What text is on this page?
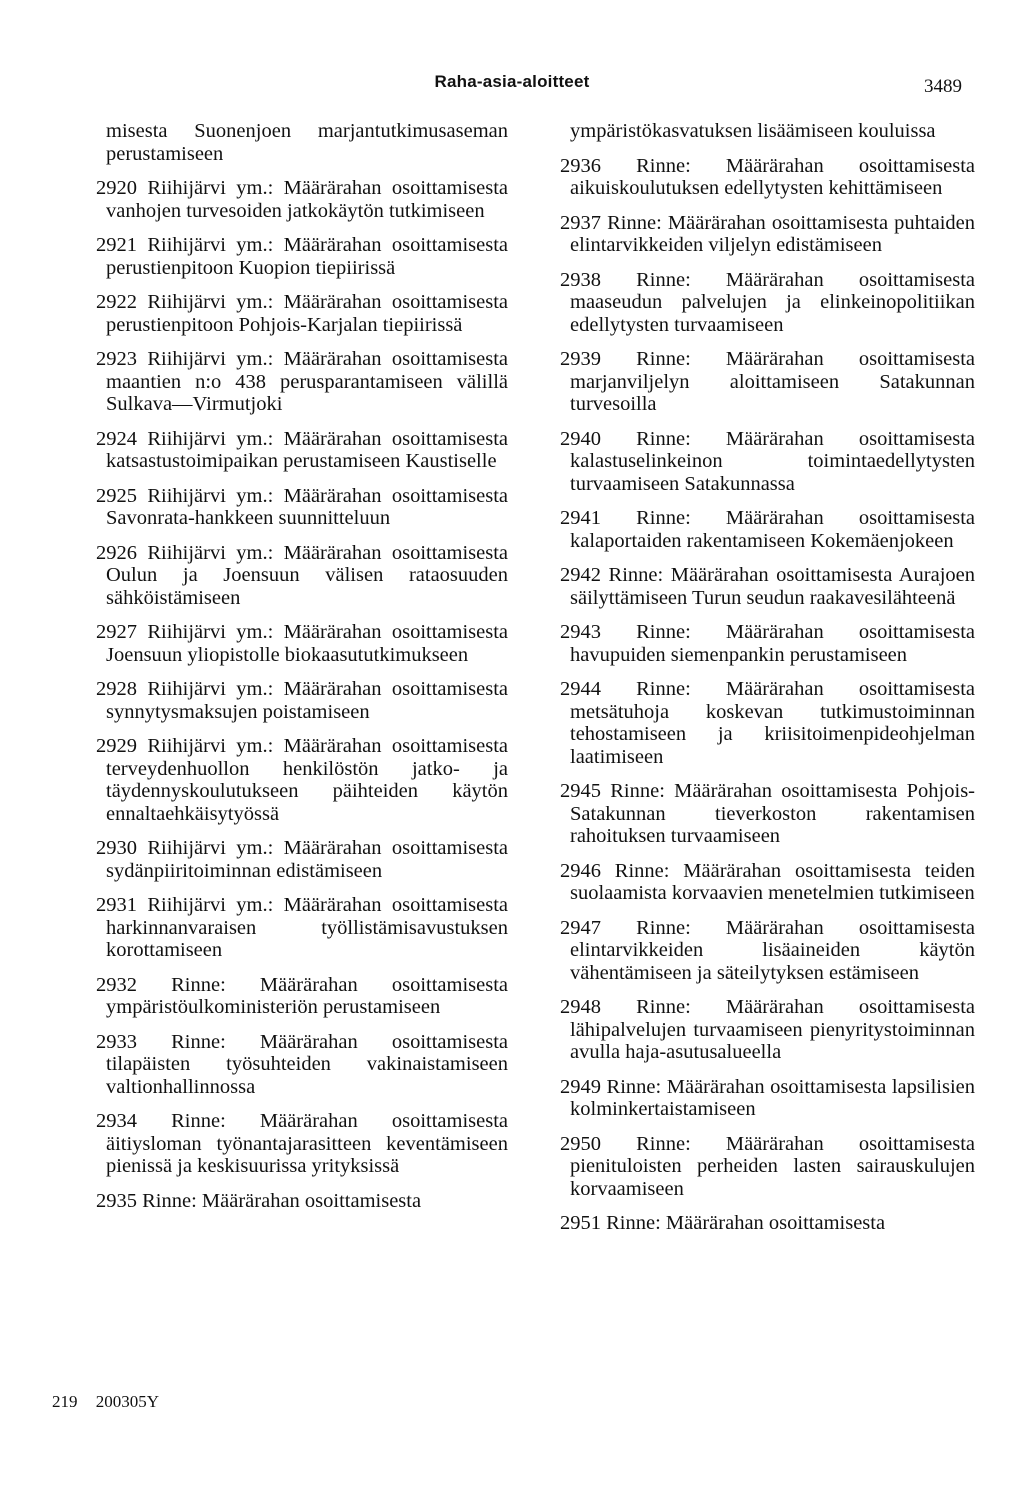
Raha-asia-aloitteet	3489

misesta Suonenjoen marjantutkimusaseman perustamiseen

2920 Riihijärvi ym.: Määrärahan osoittamisesta vanhojen turvesoiden jatkokäytön tutkimiseen

2921 Riihijärvi ym.: Määrärahan osoittamisesta perustienpitoon Kuopion tiepiirissä

2922 Riihijärvi ym.: Määrärahan osoittamisesta perustienpitoon Pohjois-Karjalan tiepiirissä

2923 Riihijärvi ym.: Määrärahan osoittamisesta maantien n:o 438 perusparantamiseen välillä Sulkava—Virmutjoki

2924 Riihijärvi ym.: Määrärahan osoittamisesta katsastustoimipaikan perustamiseen Kaustiselle

2925 Riihijärvi ym.: Määrärahan osoittamisesta Savonrata-hankkeen suunnitteluun

2926 Riihijärvi ym.: Määrärahan osoittamisesta Oulun ja Joensuun välisen rataosuuden sähköistämiseen

2927 Riihijärvi ym.: Määrärahan osoittamisesta Joensuun yliopistolle biokaasututkimukseen

2928 Riihijärvi ym.: Määrärahan osoittamisesta synnytysmaksujen poistamiseen

2929 Riihijärvi ym.: Määrärahan osoittamisesta terveydenhuollon henkilöstön jatko- ja täydennyskoulutukseen päihteiden käytön ennaltaehkäisytyössä

2930 Riihijärvi ym.: Määrärahan osoittamisesta sydänpiiritoiminnan edistämiseen

2931 Riihijärvi ym.: Määrärahan osoittamisesta harkinnanvaraisen työllistämisavustuksen korottamiseen

2932 Rinne: Määrärahan osoittamisesta ympäristöulkoministeriön perustamiseen

2933 Rinne: Määrärahan osoittamisesta tilapäisten työsuhteiden vakinaistamiseen valtionhallinnossa

2934 Rinne: Määrärahan osoittamisesta äitiysloman työnantajarasitteen keventämiseen pienissä ja keskisuurissa yrityksissä

2935 Rinne: Määrärahan osoittamisesta

ympäristökasvatuksen lisäämiseen kouluissa

2936 Rinne: Määrärahan osoittamisesta aikuiskoulutuksen edellytysten kehittämiseen

2937 Rinne: Määrärahan osoittamisesta puhtaiden elintarvikkeiden viljelyn edistämiseen

2938 Rinne: Määrärahan osoittamisesta maaseudun palvelujen ja elinkeinopolitiikan edellytysten turvaamiseen

2939 Rinne: Määrärahan osoittamisesta marjanviljelyn aloittamiseen Satakunnan turvesoilla

2940 Rinne: Määrärahan osoittamisesta kalastuselinkeinon toimintaedellytysten turvaamiseen Satakunnassa

2941 Rinne: Määrärahan osoittamisesta kalaportaiden rakentamiseen Kokemäenjokeen

2942 Rinne: Määrärahan osoittamisesta Aurajoen säilyttämiseen Turun seudun raakavesilähteenä

2943 Rinne: Määrärahan osoittamisesta havupuiden siemenpankin perustamiseen

2944 Rinne: Määrärahan osoittamisesta metsätuhoja koskevan tutkimustoiminnan tehostamiseen ja kriisitoimenpideohjelman laatimiseen

2945 Rinne: Määrärahan osoittamisesta Pohjois-Satakunnan tieverkoston rakentamisen rahoituksen turvaamiseen

2946 Rinne: Määrärahan osoittamisesta teiden suolaamista korvaavien menetelmien tutkimiseen

2947 Rinne: Määrärahan osoittamisesta elintarvikkeiden lisäaineiden käytön vähentämiseen ja säteilytyksen estämiseen

2948 Rinne: Määrärahan osoittamisesta lähipalvelujen turvaamiseen pienyritystoiminnan avulla haja-asutusalueella

2949 Rinne: Määrärahan osoittamisesta lapsilisien kolminkertaistamiseen

2950 Rinne: Määrärahan osoittamisesta pienituloisten perheiden lasten sairauskulujen korvaamiseen

2951 Rinne: Määrärahan osoittamisesta

219 200305Y
